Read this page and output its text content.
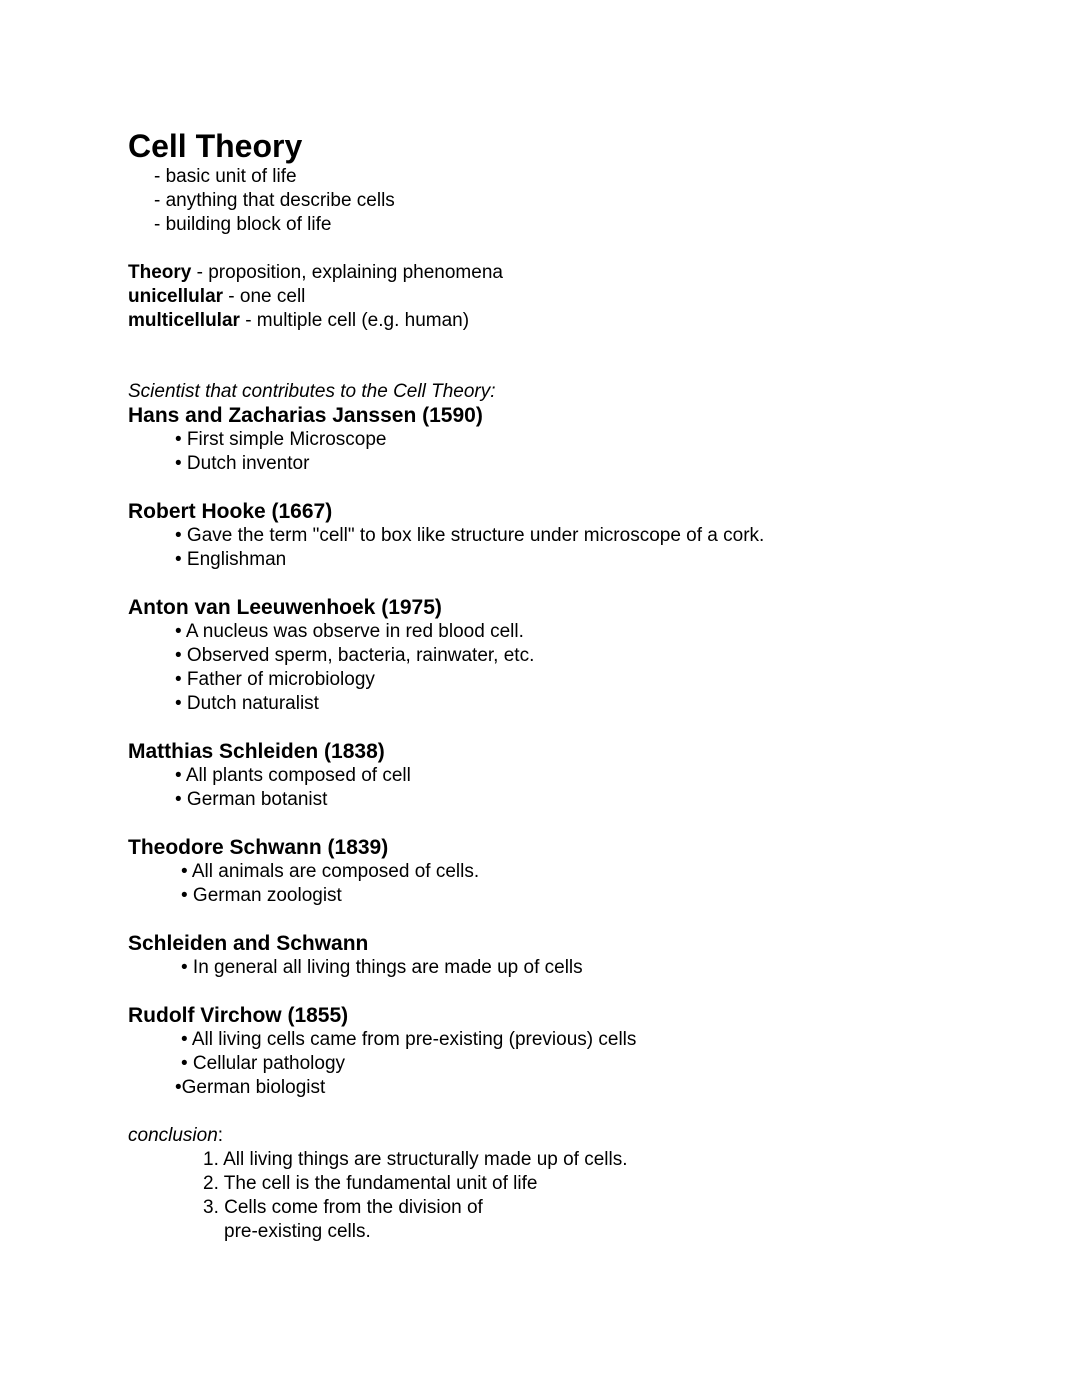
Cell Theory
- basic unit of life
- anything that describe cells
- building block of life
Theory - proposition, explaining phenomena
unicellular - one cell
multicellular - multiple cell (e.g. human)
Scientist that contributes to the Cell Theory:
Hans and Zacharias Janssen (1590)
• First simple Microscope
• Dutch inventor
Robert Hooke (1667)
• Gave the term "cell" to box like structure under microscope of a cork.
• Englishman
Anton van Leeuwenhoek (1975)
• A nucleus was observe in red blood cell.
• Observed sperm, bacteria, rainwater, etc.
• Father of microbiology
• Dutch naturalist
Matthias Schleiden (1838)
• All plants composed of cell
• German botanist
Theodore Schwann (1839)
• All animals are composed of cells.
• German zoologist
Schleiden and Schwann
• In general all living things are made up of cells
Rudolf Virchow (1855)
• All living cells came from pre-existing (previous) cells
• Cellular pathology
•German biologist
conclusion:
1. All living things are structurally made up of cells.
2. The cell is the fundamental unit of life
3. Cells come from the division of
pre-existing cells.
